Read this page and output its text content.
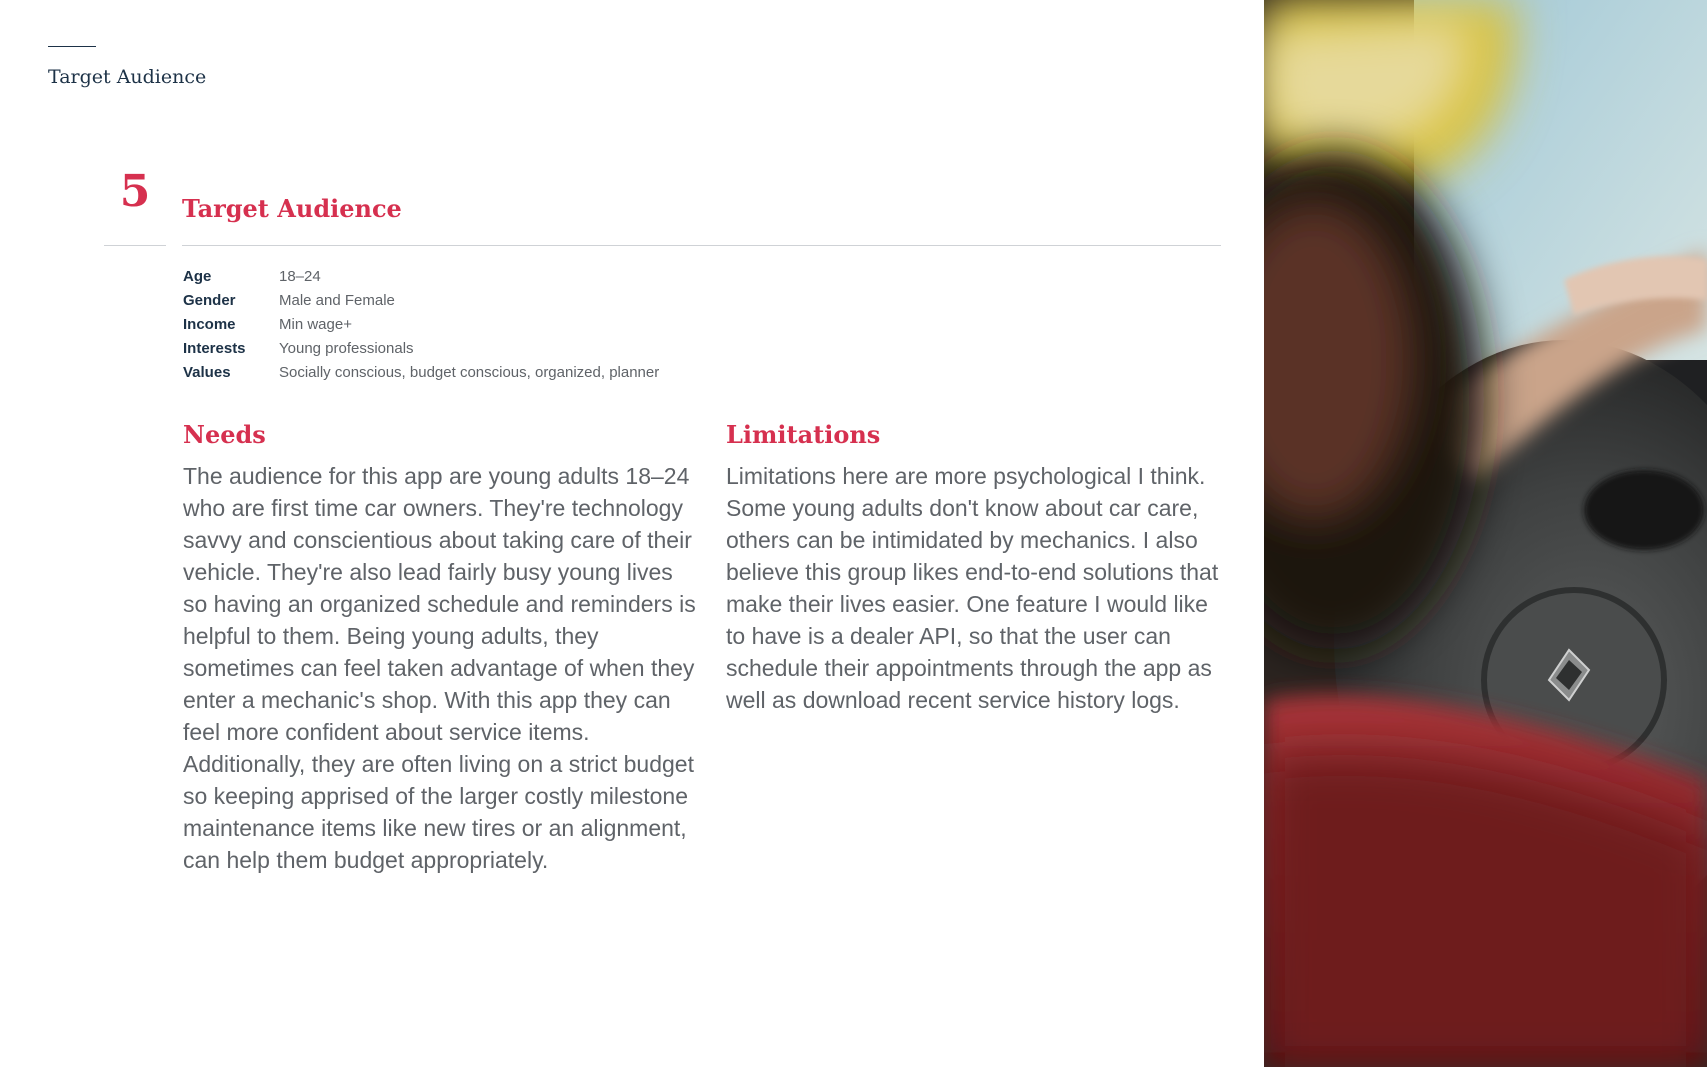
Target Audience
5 Target Audience
Age	18–24
Gender	Male and Female
Income	Min wage+
Interests	Young professionals
Values	Socially conscious, budget conscious, organized, planner
Needs

The audience for this app are young adults 18–24 who are first time car owners. They're technology savvy and conscientious about taking care of their vehicle. They're also lead fairly busy young lives so having an organized schedule and reminders is helpful to them. Being young adults, they sometimes can feel taken advantage of when they enter a mechanic's shop. With this app they can feel more confident about service items. Additionally, they are often living on a strict budget so keeping apprised of the larger costly milestone maintenance items like new tires or an alignment, can help them budget appropriately.

Limitations

Limitations here are more psychological I think. Some young adults don't know about car care, others can be intimidated by mechanics. I also believe this group likes end-to-end solutions that make their lives easier. One feature I would like to have is a dealer API, so that the user can schedule their appointments through the app as well as download recent service history logs.
